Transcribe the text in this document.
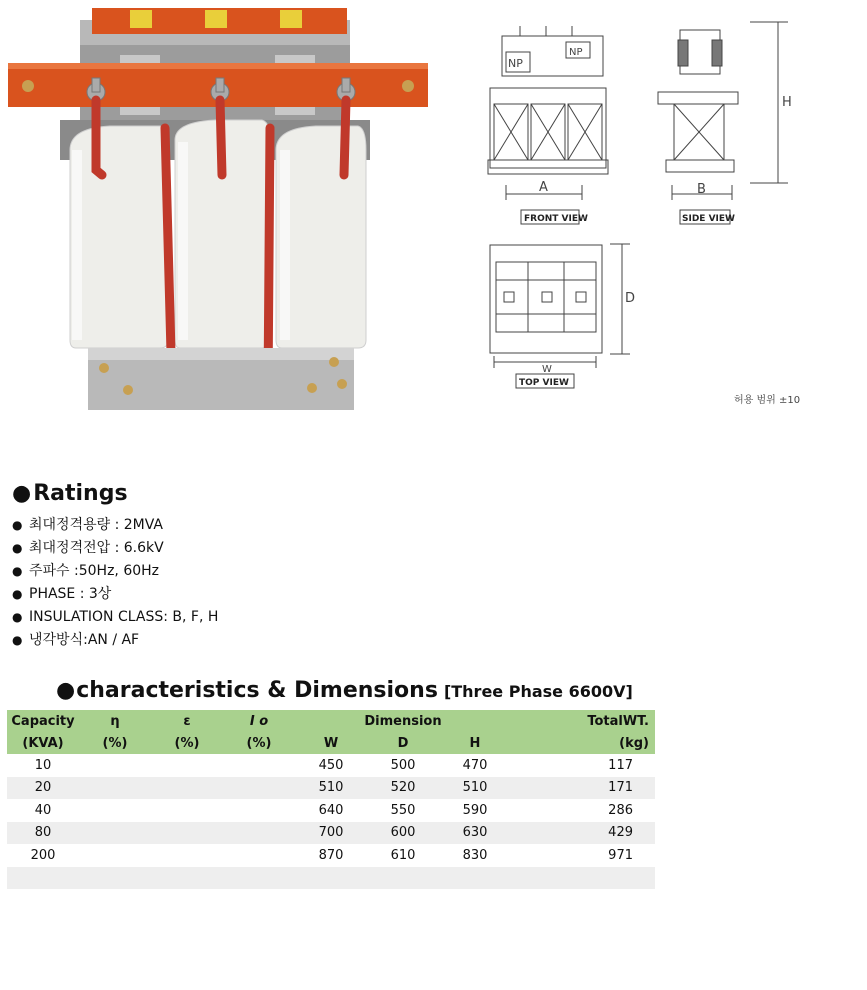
NP
NP
A	B
H
D
W
FRONT VIEW	SIDE VIEW
TOP VIEW
허용 범위 ±10
●Ratings
● 최대정격용량 : 2MVA
● 최대정격전압 : 6.6kV
● 주파수 :50Hz, 60Hz
● PHASE : 3상
● INSULATION CLASS: B, F, H
● 냉각방식:AN / AF
●characteristics & Dimensions [Three Phase 6600V]
Capacity	η	ε	I o	Dimension			TotalWT.
(KVA)	(%)	(%)	(%)	W	D	H	(kg)
10				450	500	470	117
20				510	520	510	171
40				640	550	590	286
80				700	600	630	429
200				870	610	830	971
